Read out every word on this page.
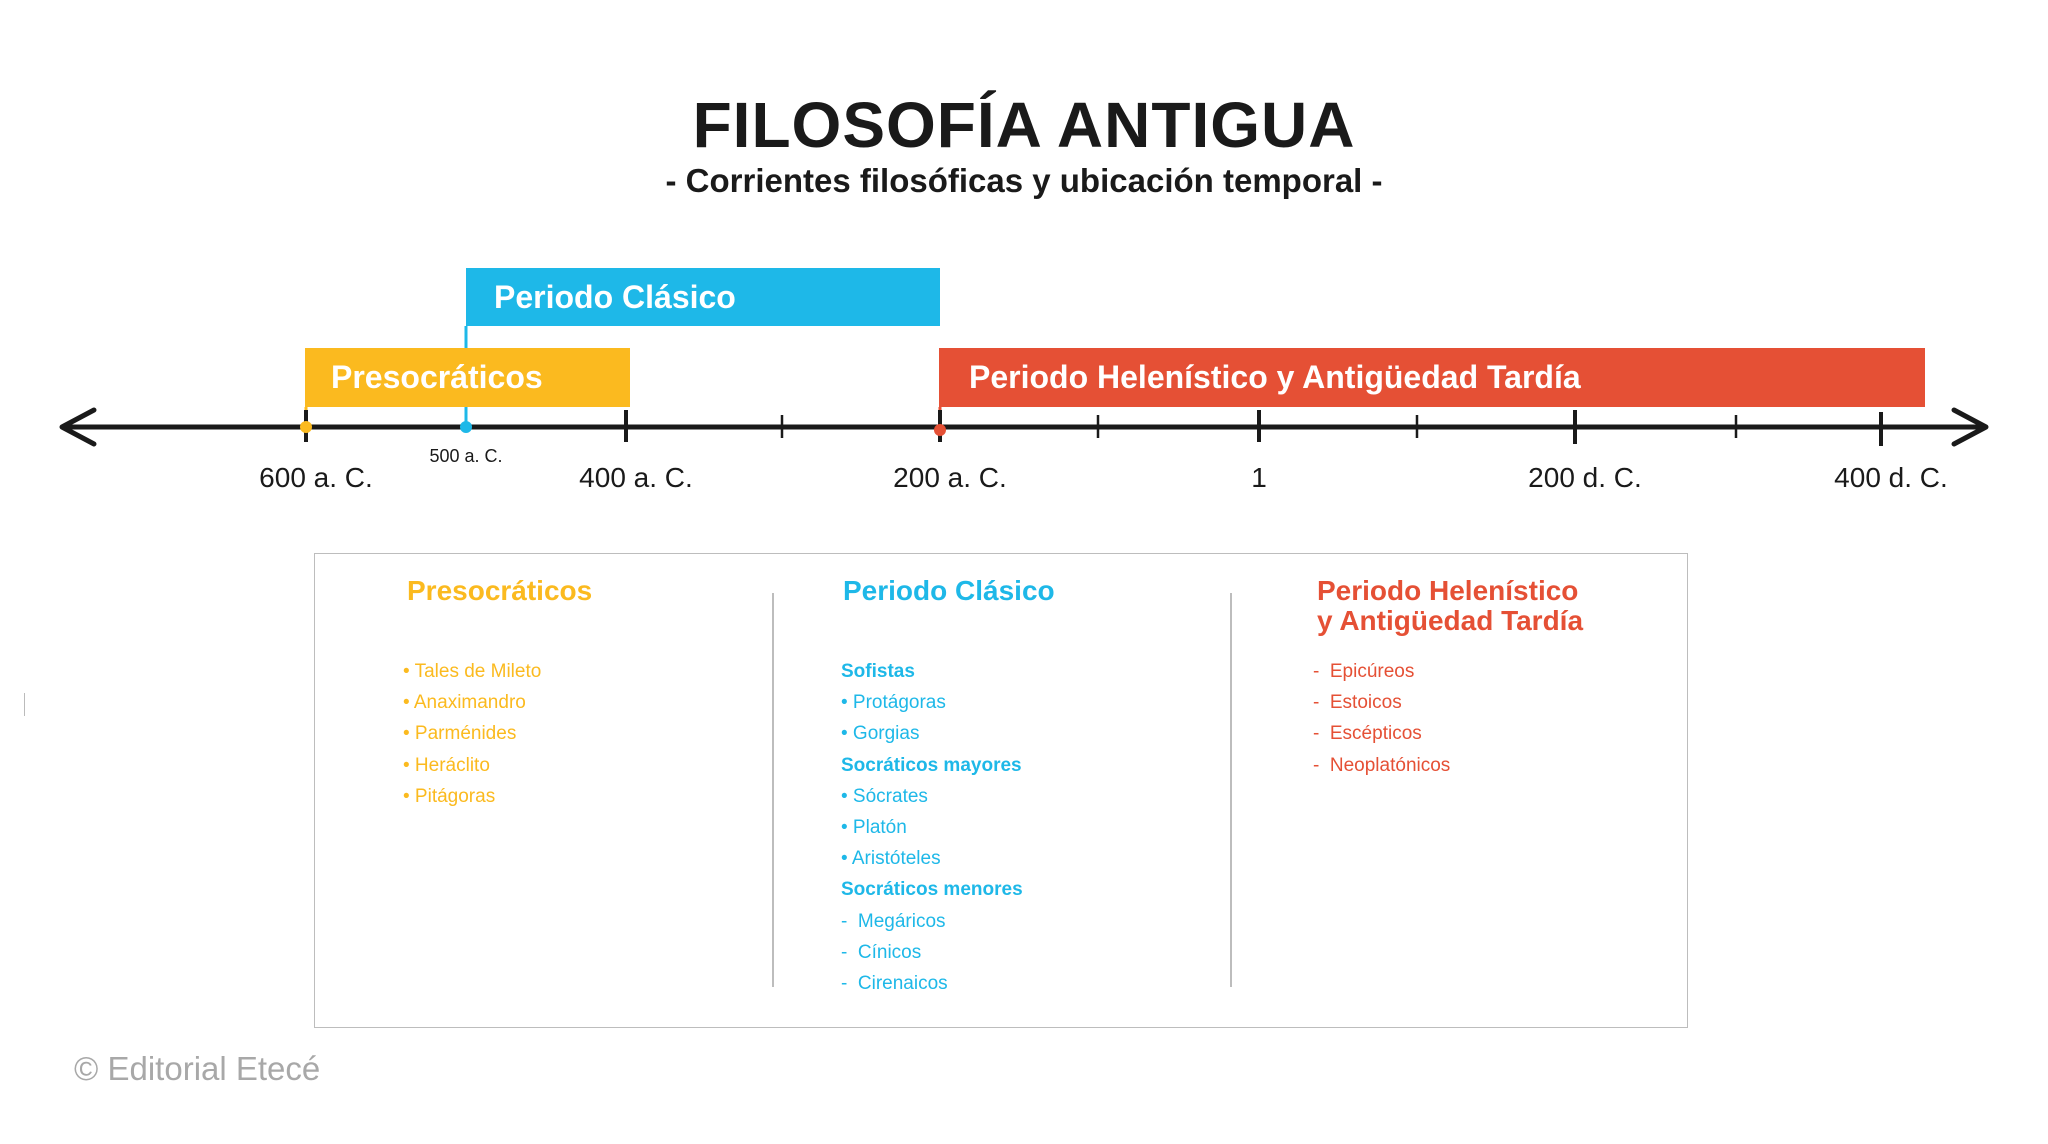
FILOSOFÍA ANTIGUA
- Corrientes filosóficas y ubicación temporal -
Periodo Clásico
Presocráticos	Periodo Helenístico y Antigüedad Tardía
600 a. C.	400 a. C.	200 a. C.	1	200 d. C.	400 d. C.
500 a. C.
Presocráticos	Periodo Clásico	Periodo Helenístico
y Antigüedad Tardía
• Tales de Mileto
• Anaximandro
• Parménides
• Heráclito
• Pitágoras
Sofistas
• Protágoras
• Gorgias
Socráticos mayores
• Sócrates
• Platón
• Aristóteles
Socráticos menores
-  Megáricos
-  Cínicos
-  Cirenaicos
-  Epicúreos
-  Estoicos
-  Escépticos
-  Neoplatónicos
© Editorial Etecé
